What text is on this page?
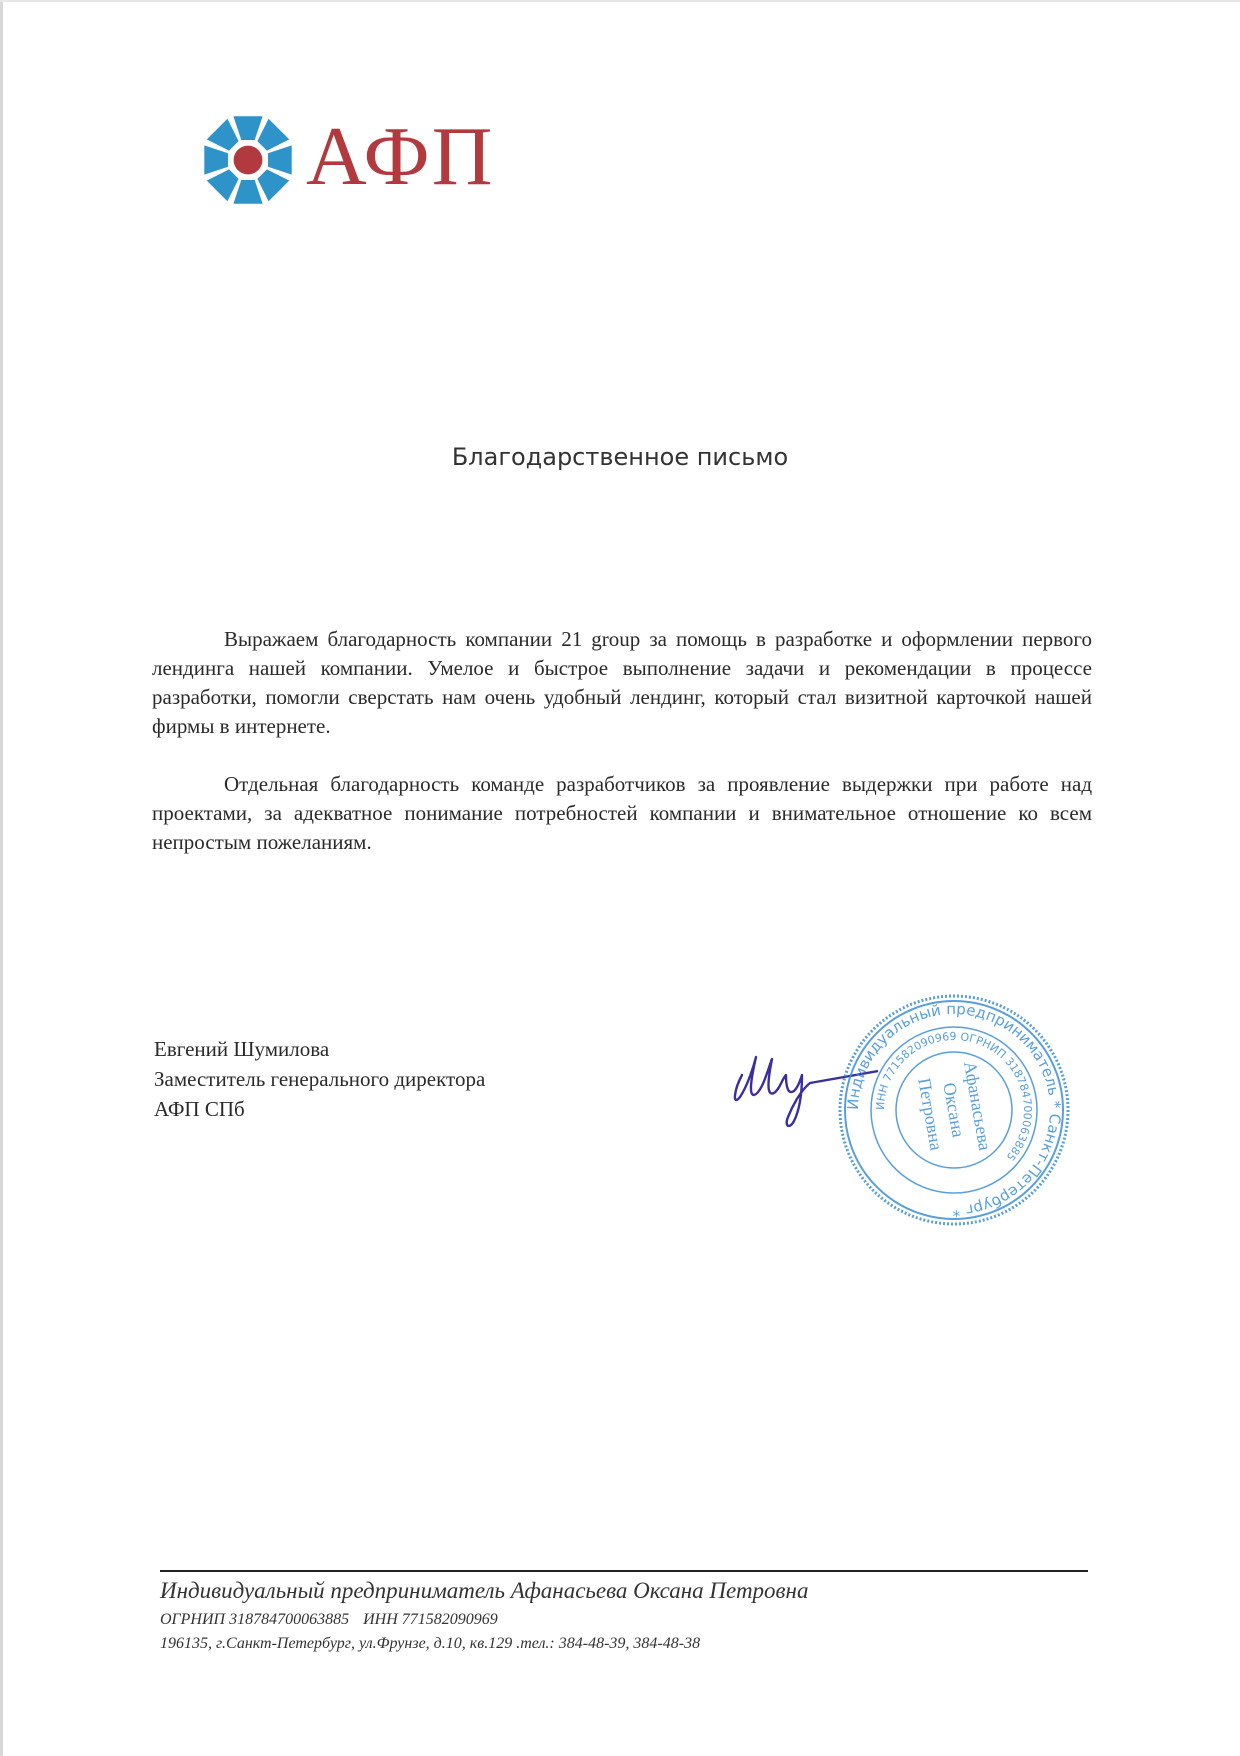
АФП
Благодарственное письмо

Выражаем благодарность компании 21 group за помощь в разработке и оформлении первого лендинга нашей компании. Умелое и быстрое выполнение задачи и рекомендации в процессе разработки, помогли сверстать нам очень удобный лендинг, который стал визитной карточкой нашей фирмы в интернете.

Отдельная благодарность команде разработчиков за проявление выдержки при работе над проектами, за адекватное понимание потребностей компании и внимательное отношение ко всем непростым пожеланиям.

Евгений Шумилова
Заместитель генерального директора
АФП СПб	Индивидуальный предприниматель * Санкт-Петербург *
ИНН 771582090969 ОГРНИП 318784700063885
Афанасьева
Оксана
Петровна
Индивидуальный предприниматель Афанасьева Оксана Петровна
ОГРНИП 318784700063885 ИНН 771582090969
196135, г.Санкт-Петербург, ул.Фрунзе, д.10, кв.129 .тел.: 384-48-39, 384-48-38
